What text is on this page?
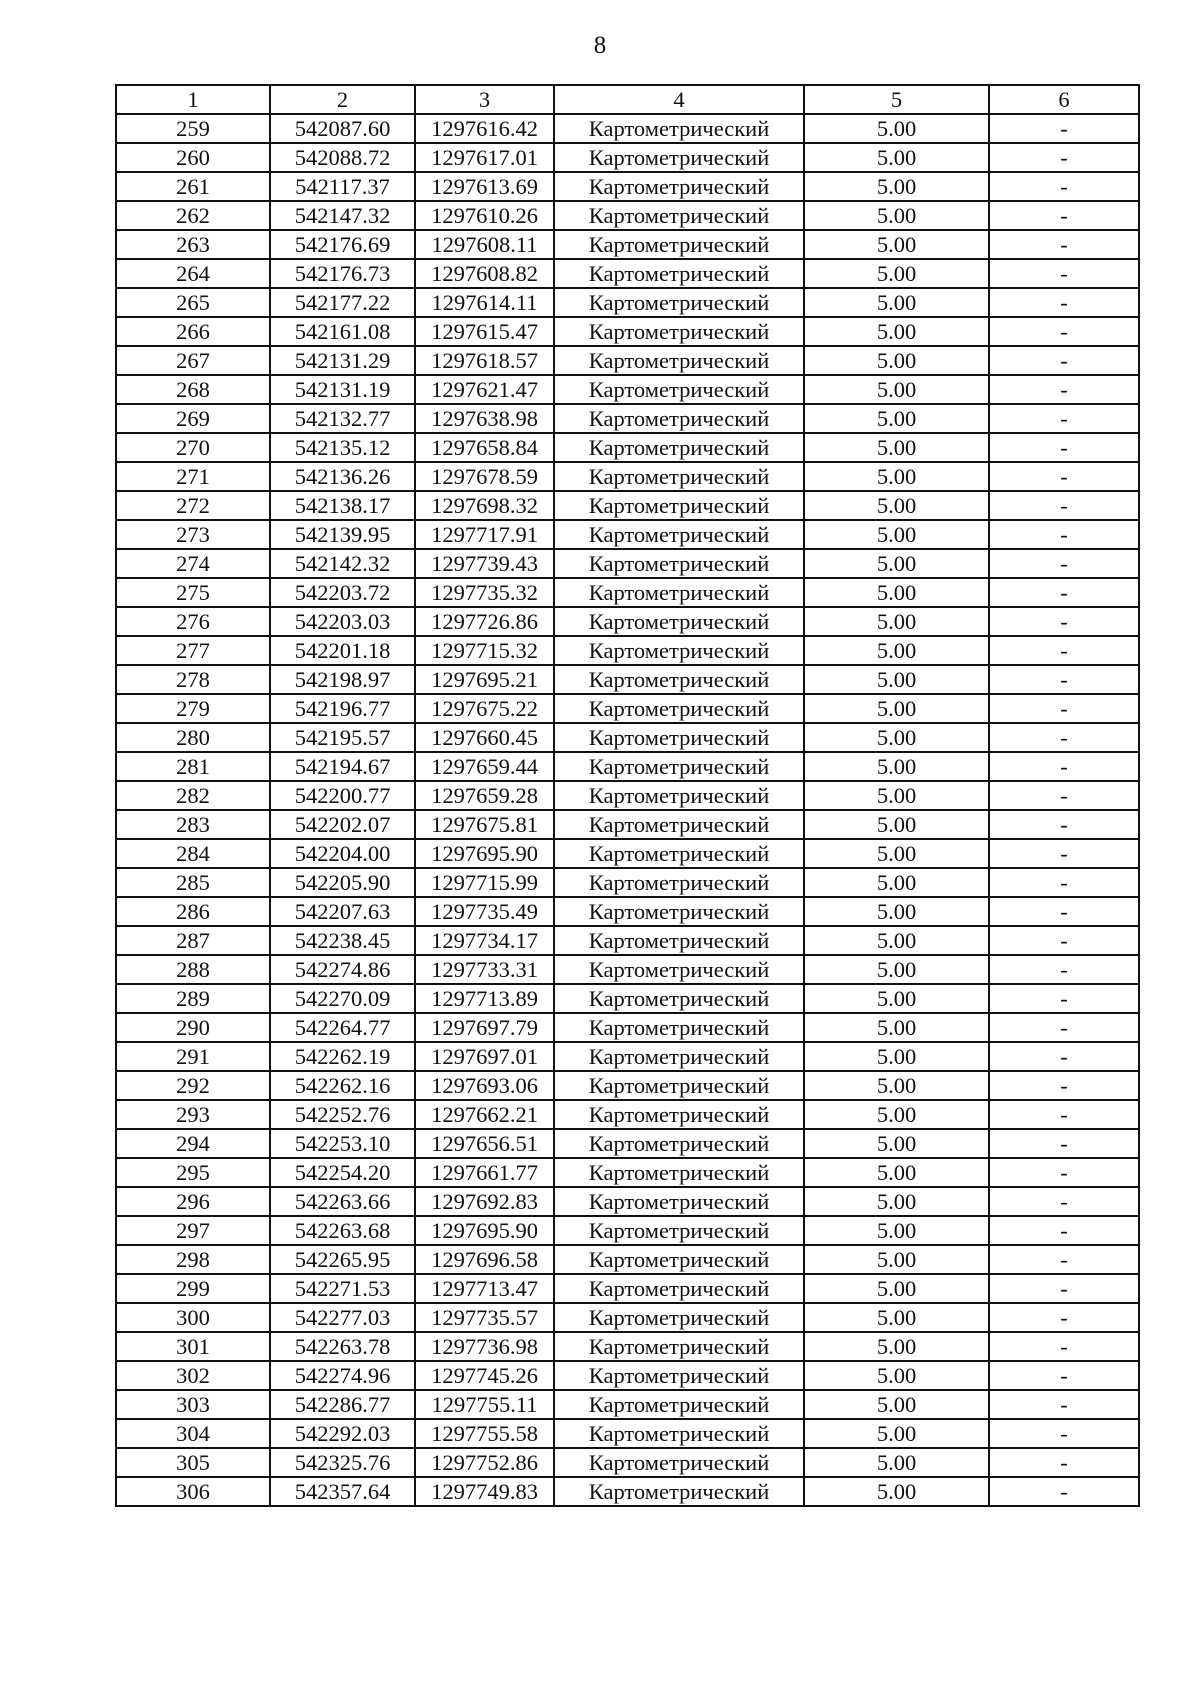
8
1	2	3	4	5	6
259	542087.60	1297616.42	Картометрический	5.00	-
260	542088.72	1297617.01	Картометрический	5.00	-
261	542117.37	1297613.69	Картометрический	5.00	-
262	542147.32	1297610.26	Картометрический	5.00	-
263	542176.69	1297608.11	Картометрический	5.00	-
264	542176.73	1297608.82	Картометрический	5.00	-
265	542177.22	1297614.11	Картометрический	5.00	-
266	542161.08	1297615.47	Картометрический	5.00	-
267	542131.29	1297618.57	Картометрический	5.00	-
268	542131.19	1297621.47	Картометрический	5.00	-
269	542132.77	1297638.98	Картометрический	5.00	-
270	542135.12	1297658.84	Картометрический	5.00	-
271	542136.26	1297678.59	Картометрический	5.00	-
272	542138.17	1297698.32	Картометрический	5.00	-
273	542139.95	1297717.91	Картометрический	5.00	-
274	542142.32	1297739.43	Картометрический	5.00	-
275	542203.72	1297735.32	Картометрический	5.00	-
276	542203.03	1297726.86	Картометрический	5.00	-
277	542201.18	1297715.32	Картометрический	5.00	-
278	542198.97	1297695.21	Картометрический	5.00	-
279	542196.77	1297675.22	Картометрический	5.00	-
280	542195.57	1297660.45	Картометрический	5.00	-
281	542194.67	1297659.44	Картометрический	5.00	-
282	542200.77	1297659.28	Картометрический	5.00	-
283	542202.07	1297675.81	Картометрический	5.00	-
284	542204.00	1297695.90	Картометрический	5.00	-
285	542205.90	1297715.99	Картометрический	5.00	-
286	542207.63	1297735.49	Картометрический	5.00	-
287	542238.45	1297734.17	Картометрический	5.00	-
288	542274.86	1297733.31	Картометрический	5.00	-
289	542270.09	1297713.89	Картометрический	5.00	-
290	542264.77	1297697.79	Картометрический	5.00	-
291	542262.19	1297697.01	Картометрический	5.00	-
292	542262.16	1297693.06	Картометрический	5.00	-
293	542252.76	1297662.21	Картометрический	5.00	-
294	542253.10	1297656.51	Картометрический	5.00	-
295	542254.20	1297661.77	Картометрический	5.00	-
296	542263.66	1297692.83	Картометрический	5.00	-
297	542263.68	1297695.90	Картометрический	5.00	-
298	542265.95	1297696.58	Картометрический	5.00	-
299	542271.53	1297713.47	Картометрический	5.00	-
300	542277.03	1297735.57	Картометрический	5.00	-
301	542263.78	1297736.98	Картометрический	5.00	-
302	542274.96	1297745.26	Картометрический	5.00	-
303	542286.77	1297755.11	Картометрический	5.00	-
304	542292.03	1297755.58	Картометрический	5.00	-
305	542325.76	1297752.86	Картометрический	5.00	-
306	542357.64	1297749.83	Картометрический	5.00	-
